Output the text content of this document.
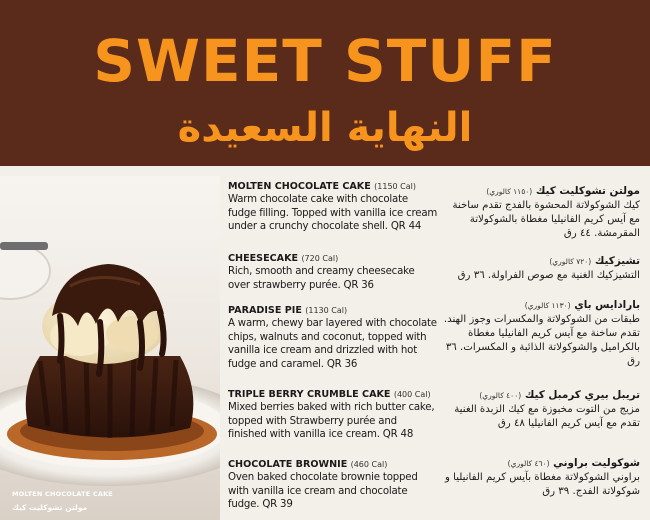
SWEET STUFF
النهاية السعيدة
MOLTEN CHOCOLATE CAKE
مولتن تشوكليت كيك
MOLTEN CHOCOLATE CAKE (1150 Cal)
Warm chocolate cake with chocolate fudge filling. Topped with vanilla ice cream under a crunchy chocolate shell. QR 44
CHEESECAKE (720 Cal)
Rich, smooth and creamy cheesecake over strawberry purée. QR 36
PARADISE PIE (1130 Cal)
A warm, chewy bar layered with chocolate chips, walnuts and coconut, topped with vanilla ice cream and drizzled with hot fudge and caramel. QR 36
TRIPLE BERRY CRUMBLE CAKE (400 Cal)
Mixed berries baked with rich butter cake, topped with Strawberry purée and finished with vanilla ice cream. QR 48
CHOCOLATE BROWNIE (460 Cal)
Oven baked chocolate brownie topped with vanilla ice cream and chocolate fudge. QR 39
مولتن تشوكليت كيك (١١٥٠ كالوري)
كيك الشوكولاتة المحشوة بالفدج تقدم ساخنة مع آيس كريم الفانيليا مغطاة بالشوكولاتة المقرمشة. ٤٤ رق
تشيزكيك (٧٢٠ كالوري)
التشيزكيك الغنية مع صوص الفراولة. ٣٦ رق
بارادايس باي (١١٣٠ كالوري)
طبقات من الشوكولاتة والمكسرات وجوز الهند. تقدم ساخنة مع آيس كريم الفانيليا مغطاة بالكراميل والشوكولاتة الذائبة و المكسرات. ٣٦ رق
تريبل بيري كرمبل كيك (٤٠٠ كالوري)
مزيج من التوت مخبوزة مع كيك الزبدة الغنية تقدم مع آيس كريم الفانيليا ٤٨ رق
شوكوليت براوني (٤٦٠ كالوري)
براوني الشوكولاتة مغطاة بآيس كريم الفانيليا و شوكولاتة الفدج. ٣٩ رق
